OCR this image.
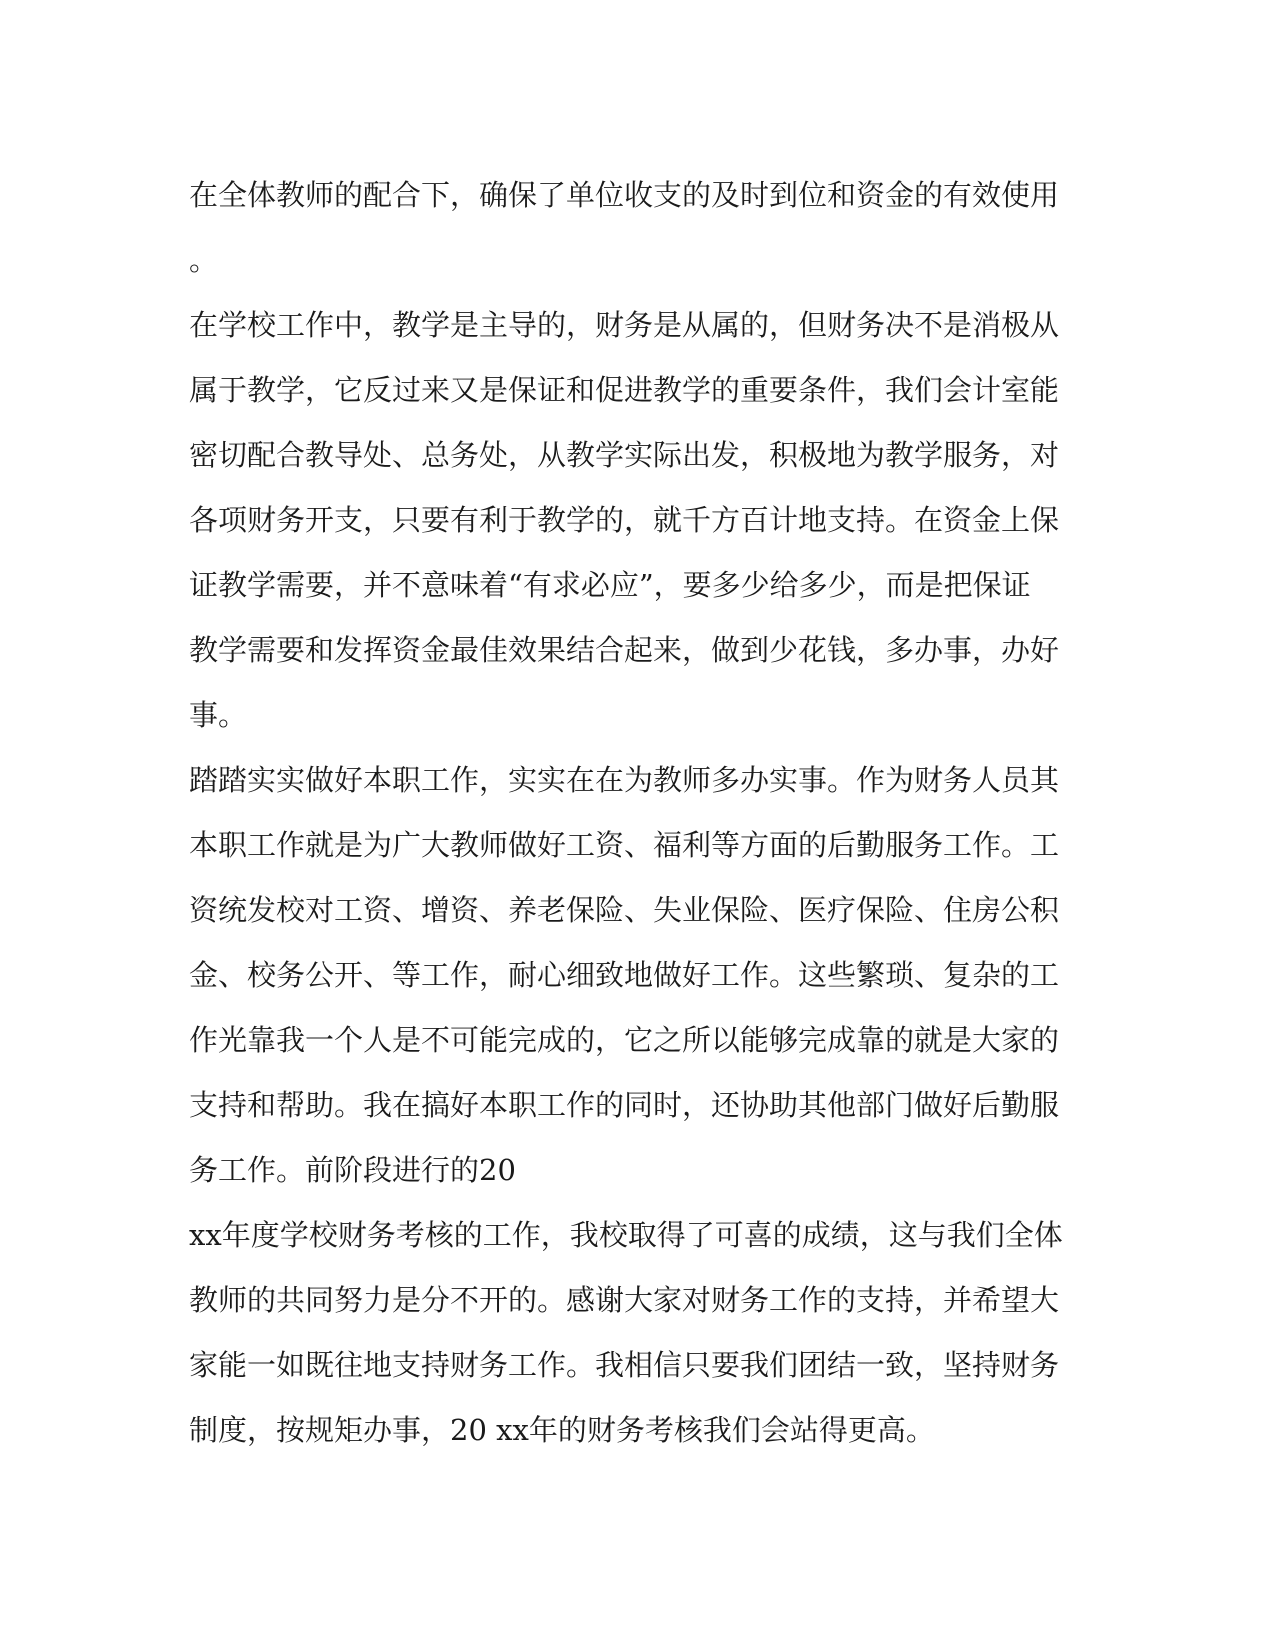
在全体教师的配合下，确保了单位收支的及时到位和资金的有效使用
。
在学校工作中，教学是主导的，财务是从属的，但财务决不是消极从
属于教学，它反过来又是保证和促进教学的重要条件，我们会计室能
密切配合教导处、总务处，从教学实际出发，积极地为教学服务，对
各项财务开支，只要有利于教学的，就千方百计地支持。在资金上保
证教学需要，并不意味着“有求必应”，要多少给多少，而是把保证
教学需要和发挥资金最佳效果结合起来，做到少花钱，多办事，办好
事。
踏踏实实做好本职工作，实实在在为教师多办实事。作为财务人员其
本职工作就是为广大教师做好工资、福利等方面的后勤服务工作。工
资统发校对工资、增资、养老保险、失业保险、医疗保险、住房公积
金、校务公开、等工作，耐心细致地做好工作。这些繁琐、复杂的工
作光靠我一个人是不可能完成的，它之所以能够完成靠的就是大家的
支持和帮助。我在搞好本职工作的同时，还协助其他部门做好后勤服
务工作。前阶段进行的20
xx年度学校财务考核的工作，我校取得了可喜的成绩，这与我们全体
教师的共同努力是分不开的。感谢大家对财务工作的支持，并希望大
家能一如既往地支持财务工作。我相信只要我们团结一致，坚持财务
制度，按规矩办事，20 xx年的财务考核我们会站得更高。
